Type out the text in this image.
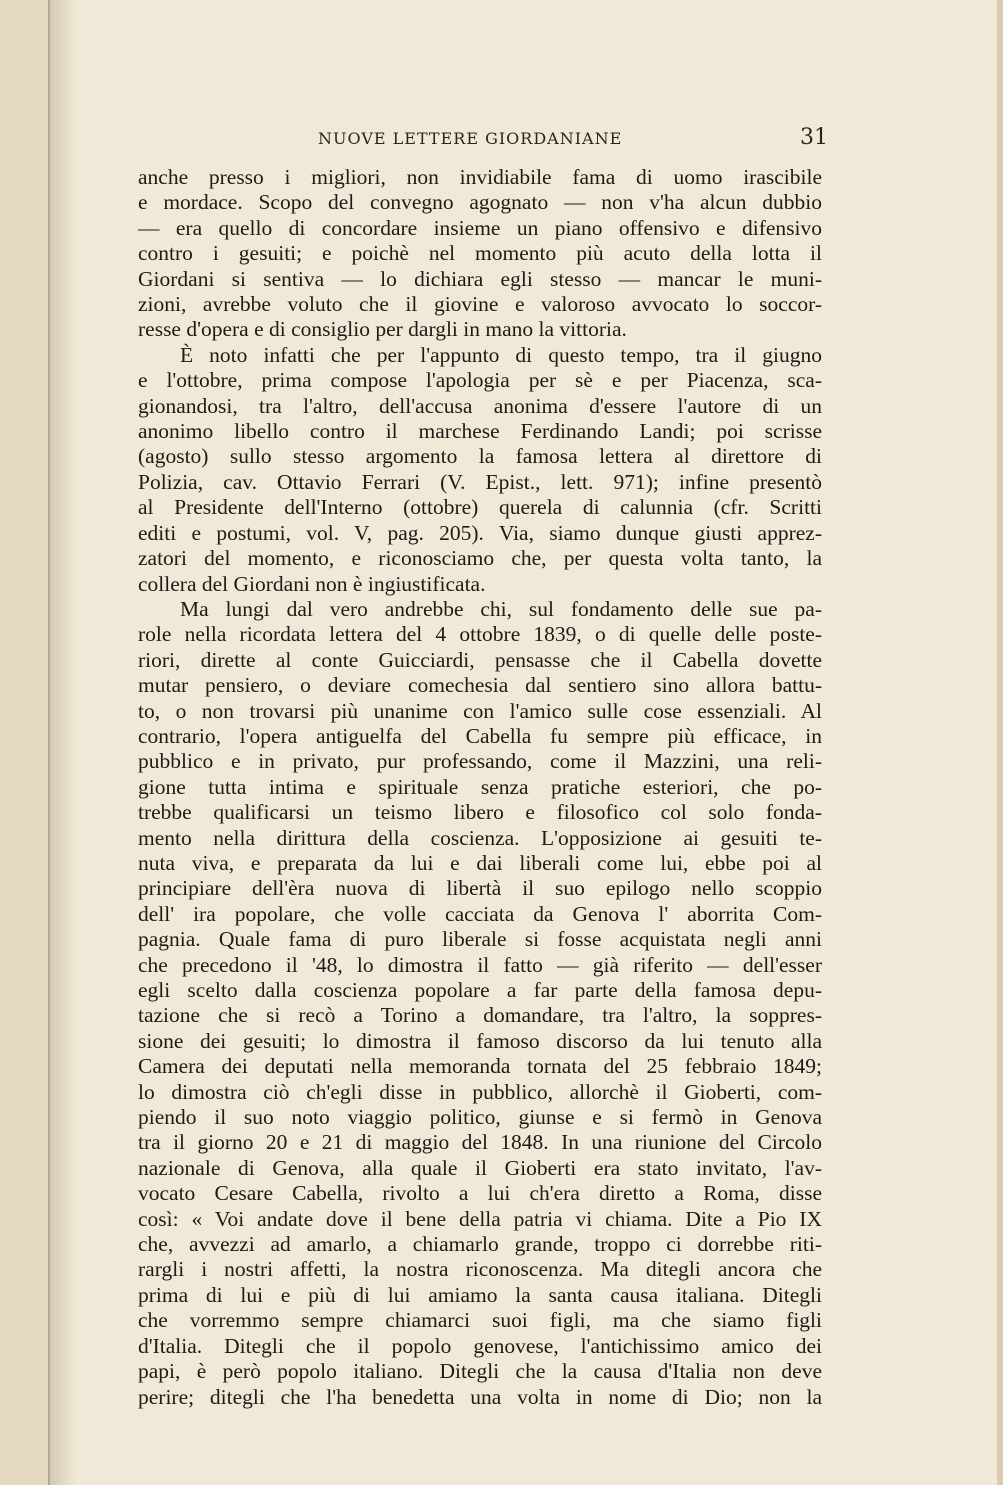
NUOVE LETTERE GIORDANIANE	31
anche presso i migliori, non invidiabile fama di uomo irascibile
e mordace. Scopo del convegno agognato — non v'ha alcun dubbio
— era quello di concordare insieme un piano offensivo e difensivo
contro i gesuiti; e poichè nel momento più acuto della lotta il
Giordani si sentiva — lo dichiara egli stesso — mancar le muni-
zioni, avrebbe voluto che il giovine e valoroso avvocato lo soccor-
resse d'opera e di consiglio per dargli in mano la vittoria.
È noto infatti che per l'appunto di questo tempo, tra il giugno
e l'ottobre, prima compose l'apologia per sè e per Piacenza, sca-
gionandosi, tra l'altro, dell'accusa anonima d'essere l'autore di un
anonimo libello contro il marchese Ferdinando Landi; poi scrisse
(agosto) sullo stesso argomento la famosa lettera al direttore di
Polizia, cav. Ottavio Ferrari (V. Epist., lett. 971); infine presentò
al Presidente dell'Interno (ottobre) querela di calunnia (cfr. Scritti
editi e postumi, vol. V, pag. 205). Via, siamo dunque giusti apprez-
zatori del momento, e riconosciamo che, per questa volta tanto, la
collera del Giordani non è ingiustificata.
Ma lungi dal vero andrebbe chi, sul fondamento delle sue pa-
role nella ricordata lettera del 4 ottobre 1839, o di quelle delle poste-
riori, dirette al conte Guicciardi, pensasse che il Cabella dovette
mutar pensiero, o deviare comechesia dal sentiero sino allora battu-
to, o non trovarsi più unanime con l'amico sulle cose essenziali. Al
contrario, l'opera antiguelfa del Cabella fu sempre più efficace, in
pubblico e in privato, pur professando, come il Mazzini, una reli-
gione tutta intima e spirituale senza pratiche esteriori, che po-
trebbe qualificarsi un teismo libero e filosofico col solo fonda-
mento nella dirittura della coscienza. L'opposizione ai gesuiti te-
nuta viva, e preparata da lui e dai liberali come lui, ebbe poi al
principiare dell'èra nuova di libertà il suo epilogo nello scoppio
dell' ira popolare, che volle cacciata da Genova l' aborrita Com-
pagnia. Quale fama di puro liberale si fosse acquistata negli anni
che precedono il '48, lo dimostra il fatto — già riferito — dell'esser
egli scelto dalla coscienza popolare a far parte della famosa depu-
tazione che si recò a Torino a domandare, tra l'altro, la soppres-
sione dei gesuiti; lo dimostra il famoso discorso da lui tenuto alla
Camera dei deputati nella memoranda tornata del 25 febbraio 1849;
lo dimostra ciò ch'egli disse in pubblico, allorchè il Gioberti, com-
piendo il suo noto viaggio politico, giunse e si fermò in Genova
tra il giorno 20 e 21 di maggio del 1848. In una riunione del Circolo
nazionale di Genova, alla quale il Gioberti era stato invitato, l'av-
vocato Cesare Cabella, rivolto a lui ch'era diretto a Roma, disse
così: « Voi andate dove il bene della patria vi chiama. Dite a Pio IX
che, avvezzi ad amarlo, a chiamarlo grande, troppo ci dorrebbe riti-
rargli i nostri affetti, la nostra riconoscenza. Ma ditegli ancora che
prima di lui e più di lui amiamo la santa causa italiana. Ditegli
che vorremmo sempre chiamarci suoi figli, ma che siamo figli
d'Italia. Ditegli che il popolo genovese, l'antichissimo amico dei
papi, è però popolo italiano. Ditegli che la causa d'Italia non deve
perire; ditegli che l'ha benedetta una volta in nome di Dio; non la
